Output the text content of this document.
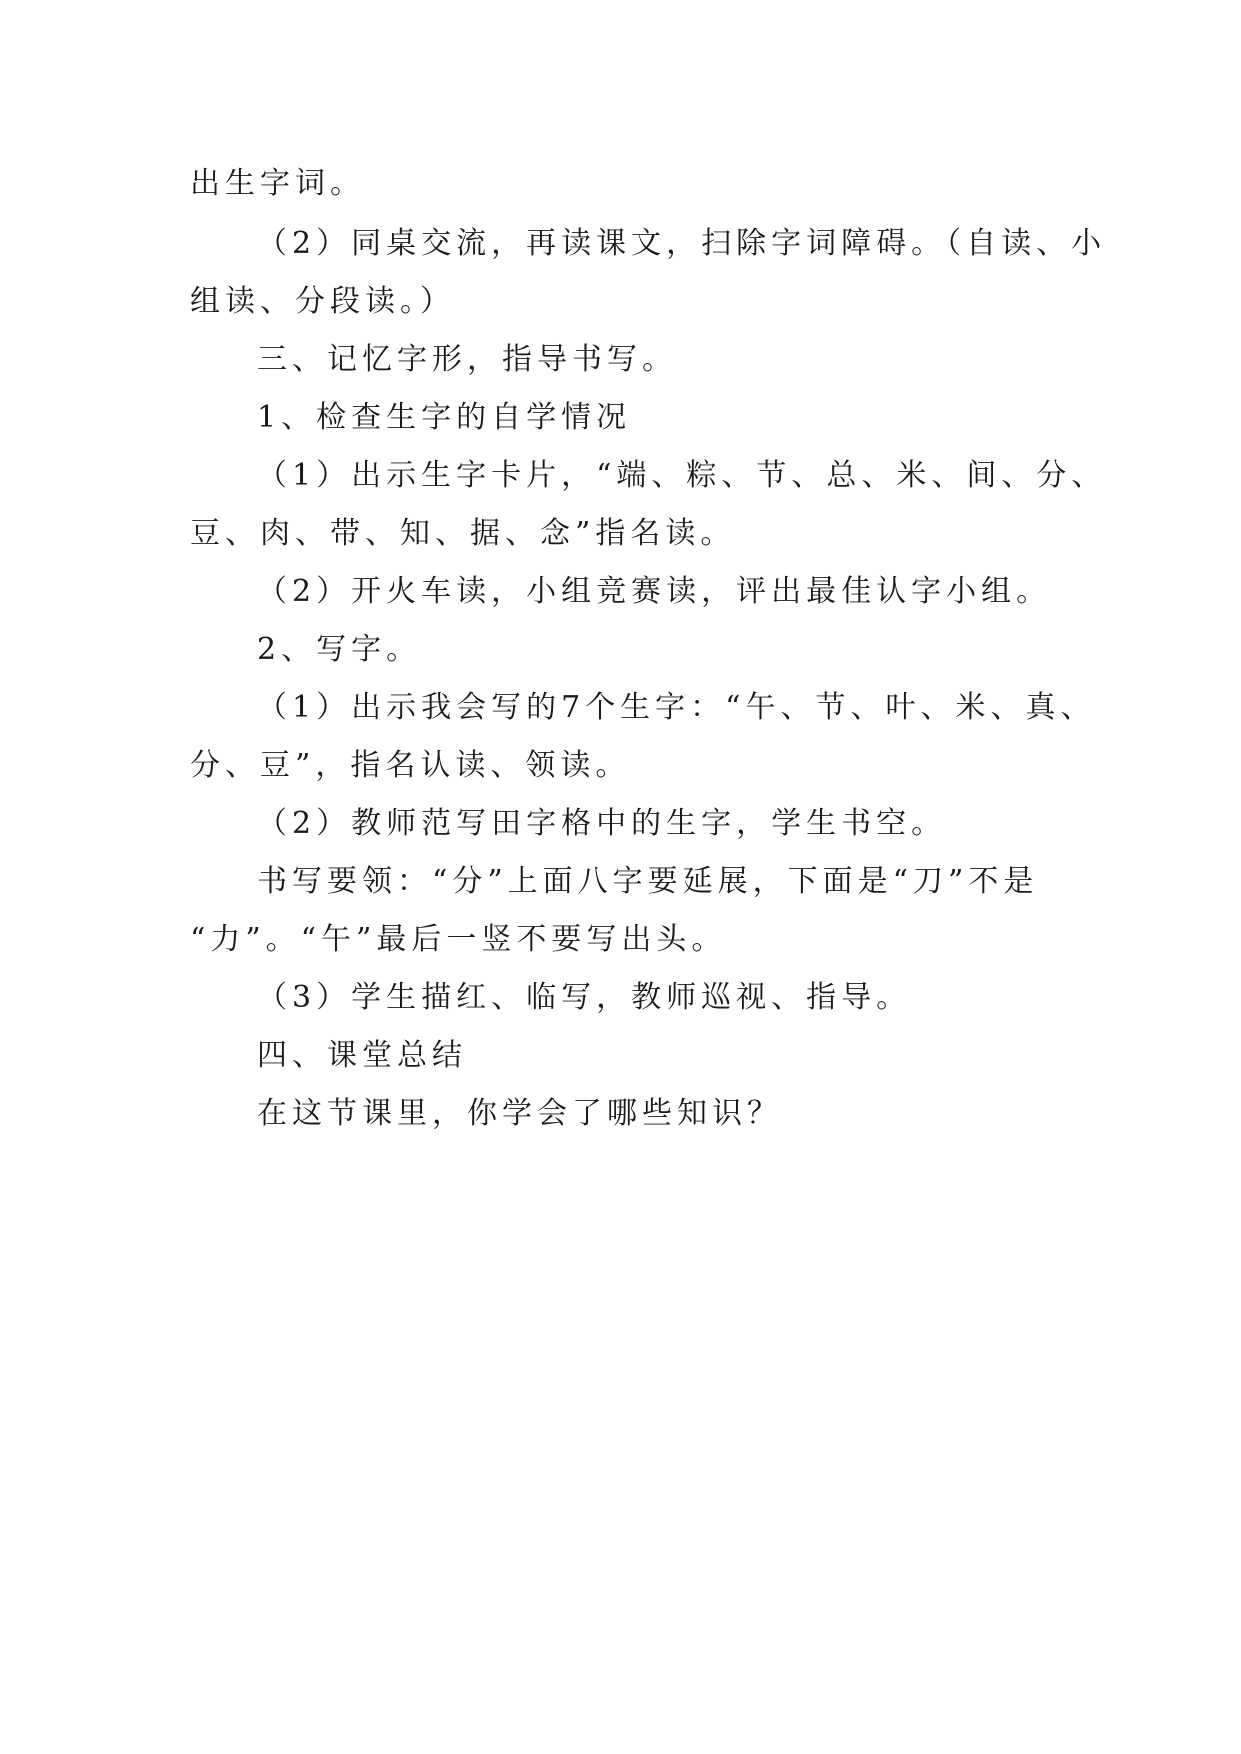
出生字词。
（2）同桌交流，再读课文，扫除字词障碍。（自读、小
组读、分段读。）
三、记忆字形，指导书写。
1、检查生字的自学情况
（1）出示生字卡片，“端、粽、节、总、米、间、分、
豆、肉、带、知、据、念”指名读。
（2）开火车读，小组竞赛读，评出最佳认字小组。
2、写字。
（1）出示我会写的7个生字：“午、节、叶、米、真、
分、豆”，指名认读、领读。
（2）教师范写田字格中的生字，学生书空。
书写要领：“分”上面八字要延展，下面是“刀”不是
“力”。“午”最后一竖不要写出头。
（3）学生描红、临写，教师巡视、指导。
四、课堂总结
在这节课里，你学会了哪些知识？
